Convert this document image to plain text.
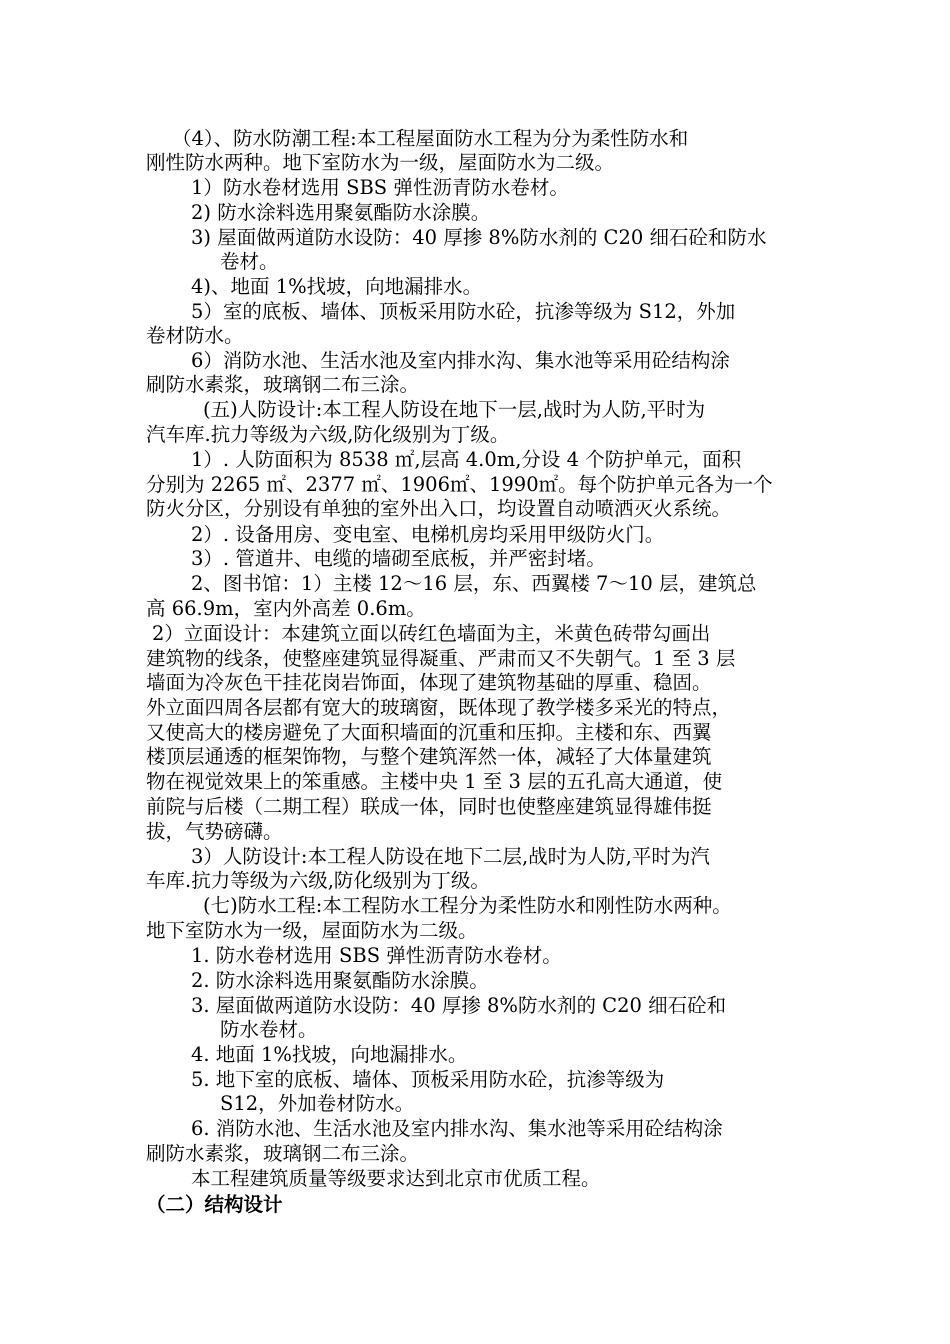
（4）、防水防潮工程:本工程屋面防水工程为分为柔性防水和
刚性防水两种。地下室防水为一级，屋面防水为二级。
1）防水卷材选用 SBS 弹性沥青防水卷材。
2) 防水涂料选用聚氨酯防水涂膜。
3) 屋面做两道防水设防：40 厚掺 8%防水剂的 C20 细石砼和防水
卷材。
4)、地面 1%找坡，向地漏排水。
5）室的底板、墙体、顶板采用防水砼，抗渗等级为 S12，外加
卷材防水。
6）消防水池、生活水池及室内排水沟、集水池等采用砼结构涂
刷防水素浆，玻璃钢二布三涂。
(五)人防设计:本工程人防设在地下一层,战时为人防,平时为
汽车库.抗力等级为六级,防化级别为丁级。
1）. 人防面积为 8538 ㎡,层高 4.0m,分设 4 个防护单元，面积
分别为 2265 ㎡、2377 ㎡、1906㎡、1990㎡。每个防护单元各为一个
防火分区，分别设有单独的室外出入口，均设置自动喷洒灭火系统。
2）. 设备用房、变电室、电梯机房均采用甲级防火门。
3）. 管道井、电缆的墙砌至底板，并严密封堵。
2、图书馆：1）主楼 12～16 层，东、西翼楼 7～10 层，建筑总
高 66.9m，室内外高差 0.6m。
2）立面设计：本建筑立面以砖红色墙面为主，米黄色砖带勾画出
建筑物的线条，使整座建筑显得凝重、严肃而又不失朝气。1 至 3 层
墙面为冷灰色干挂花岗岩饰面，体现了建筑物基础的厚重、稳固。
外立面四周各层都有宽大的玻璃窗，既体现了教学楼多采光的特点，
又使高大的楼房避免了大面积墙面的沉重和压抑。主楼和东、西翼
楼顶层通透的框架饰物，与整个建筑浑然一体，减轻了大体量建筑
物在视觉效果上的笨重感。主楼中央 1 至 3 层的五孔高大通道，使
前院与后楼（二期工程）联成一体，同时也使整座建筑显得雄伟挺
拔，气势磅礴。
3）人防设计:本工程人防设在地下二层,战时为人防,平时为汽
车库.抗力等级为六级,防化级别为丁级。
(七)防水工程:本工程防水工程分为柔性防水和刚性防水两种。
地下室防水为一级，屋面防水为二级。
1. 防水卷材选用 SBS 弹性沥青防水卷材。
2. 防水涂料选用聚氨酯防水涂膜。
3. 屋面做两道防水设防：40 厚掺 8%防水剂的 C20 细石砼和
防水卷材。
4. 地面 1%找坡，向地漏排水。
5. 地下室的底板、墙体、顶板采用防水砼，抗渗等级为
S12，外加卷材防水。
6. 消防水池、生活水池及室内排水沟、集水池等采用砼结构涂
刷防水素浆，玻璃钢二布三涂。
本工程建筑质量等级要求达到北京市优质工程。
（二）结构设计
